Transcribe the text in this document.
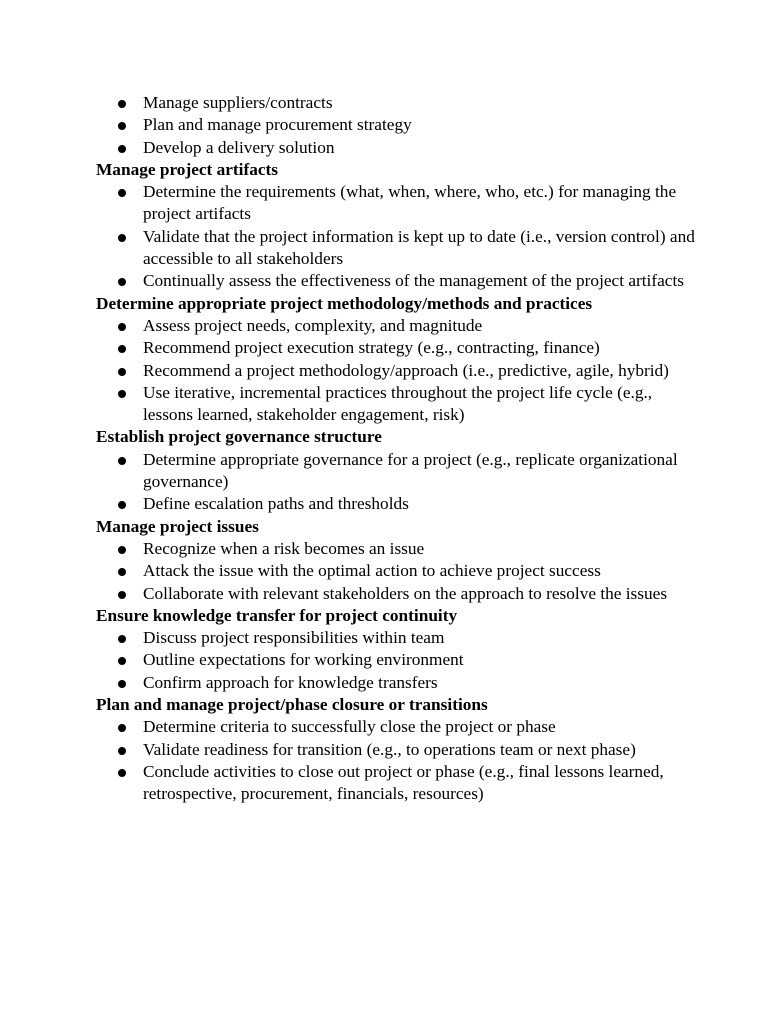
Manage suppliers/contracts
Plan and manage procurement strategy
Develop a delivery solution
Manage project artifacts
Determine the requirements (what, when, where, who, etc.) for managing the project artifacts
Validate that the project information is kept up to date (i.e., version control) and accessible to all stakeholders
Continually assess the effectiveness of the management of the project artifacts
Determine appropriate project methodology/methods and practices
Assess project needs, complexity, and magnitude
Recommend project execution strategy (e.g., contracting, finance)
Recommend a project methodology/approach (i.e., predictive, agile, hybrid)
Use iterative, incremental practices throughout the project life cycle (e.g., lessons learned, stakeholder engagement, risk)
Establish project governance structure
Determine appropriate governance for a project (e.g., replicate organizational governance)
Define escalation paths and thresholds
Manage project issues
Recognize when a risk becomes an issue
Attack the issue with the optimal action to achieve project success
Collaborate with relevant stakeholders on the approach to resolve the issues
Ensure knowledge transfer for project continuity
Discuss project responsibilities within team
Outline expectations for working environment
Confirm approach for knowledge transfers
Plan and manage project/phase closure or transitions
Determine criteria to successfully close the project or phase
Validate readiness for transition (e.g., to operations team or next phase)
Conclude activities to close out project or phase (e.g., final lessons learned, retrospective, procurement, financials, resources)
